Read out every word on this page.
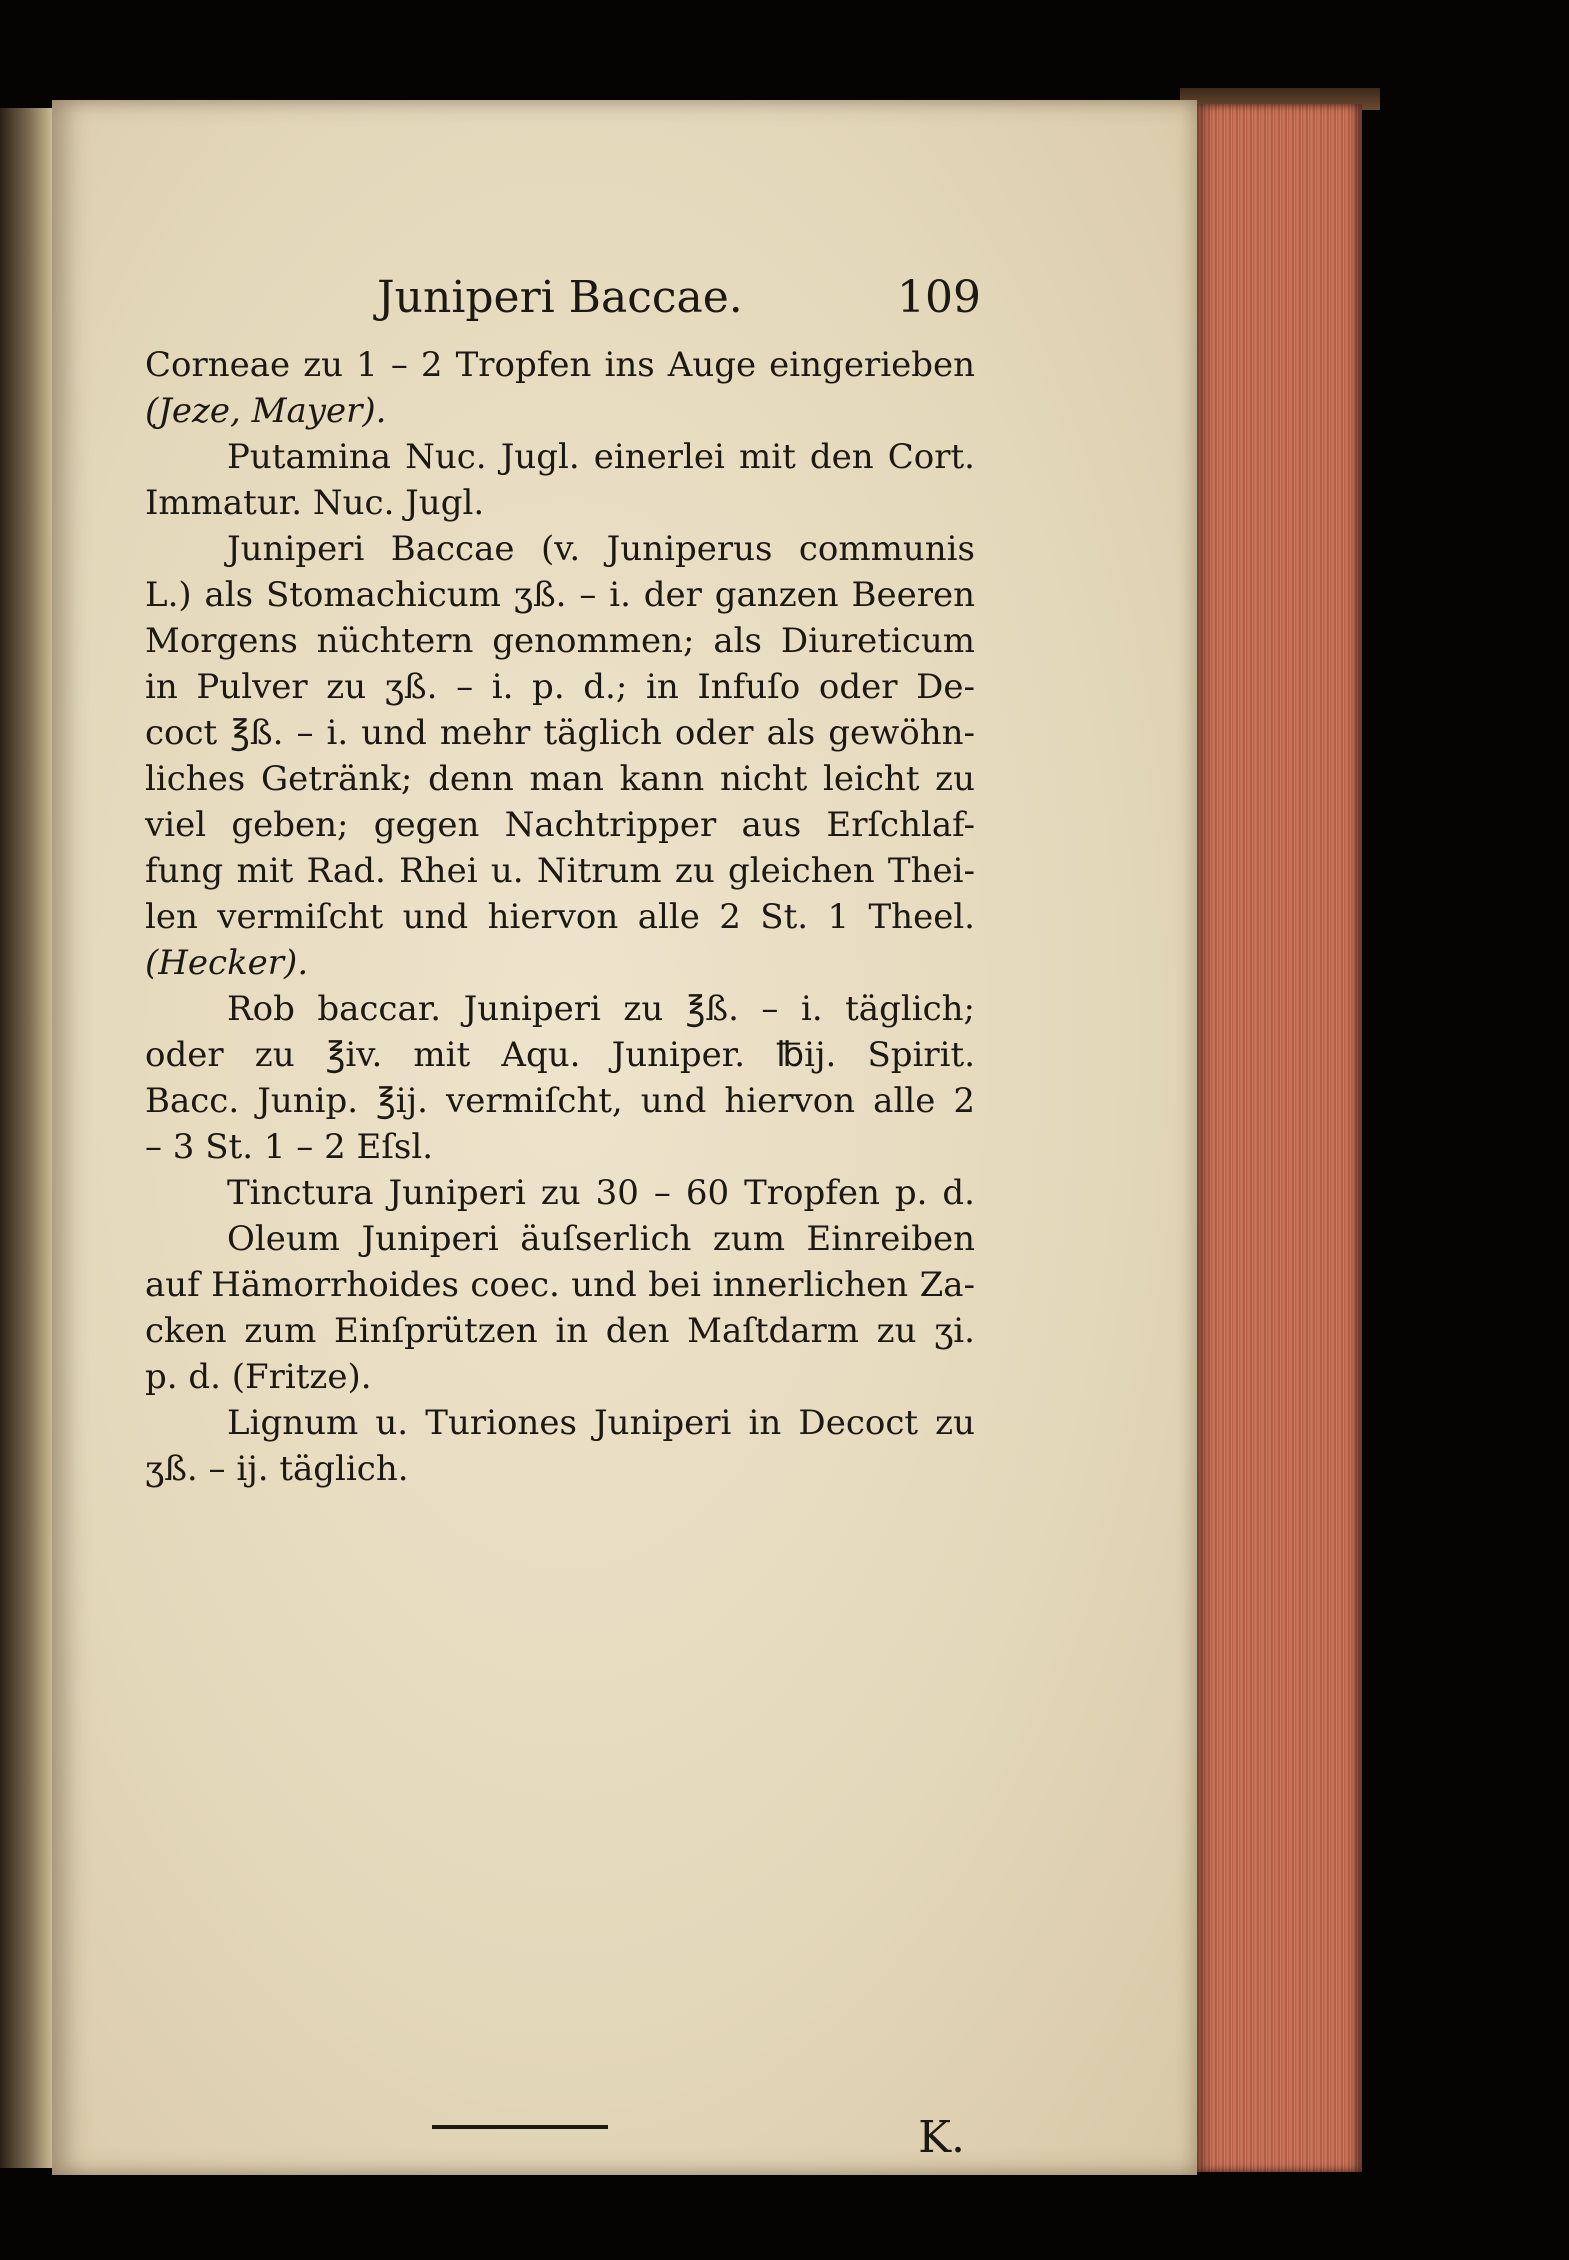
Juniperi Baccae.	109
Corneae zu 1 – 2 Tropfen ins Auge eingerieben
(Jeze, Mayer).
Putamina Nuc. Jugl. einerlei mit den Cort.
Immatur. Nuc. Jugl.
Juniperi Baccae (v. Juniperus communis
L.) als Stomachicum ʒß. – i. der ganzen Beeren
Morgens nüchtern genommen; als Diureticum
in Pulver zu ʒß. – i. p. d.; in Infuſo oder De-
coct ℥ß. – i. und mehr täglich oder als gewöhn-
liches Getränk; denn man kann nicht leicht zu
viel geben; gegen Nachtripper aus Erſchlaf-
fung mit Rad. Rhei u. Nitrum zu gleichen Thei-
len vermiſcht und hiervon alle 2 St. 1 Theel.
(Hecker).
Rob baccar. Juniperi zu ℥ß. – i. täglich;
oder zu ℥iv. mit Aqu. Juniper. ℔ij. Spirit.
Bacc. Junip. ℥ij. vermiſcht, und hiervon alle 2
– 3 St. 1 – 2 Eſsl.
Tinctura Juniperi zu 30 – 60 Tropfen p. d.
Oleum Juniperi äuſserlich zum Einreiben
auf Hämorrhoides coec. und bei innerlichen Za-
cken zum Einſprützen in den Maſtdarm zu ʒi.
p. d. (Fritze).
Lignum u. Turiones Juniperi in Decoct zu
ʒß. – ij. täglich.
K.
